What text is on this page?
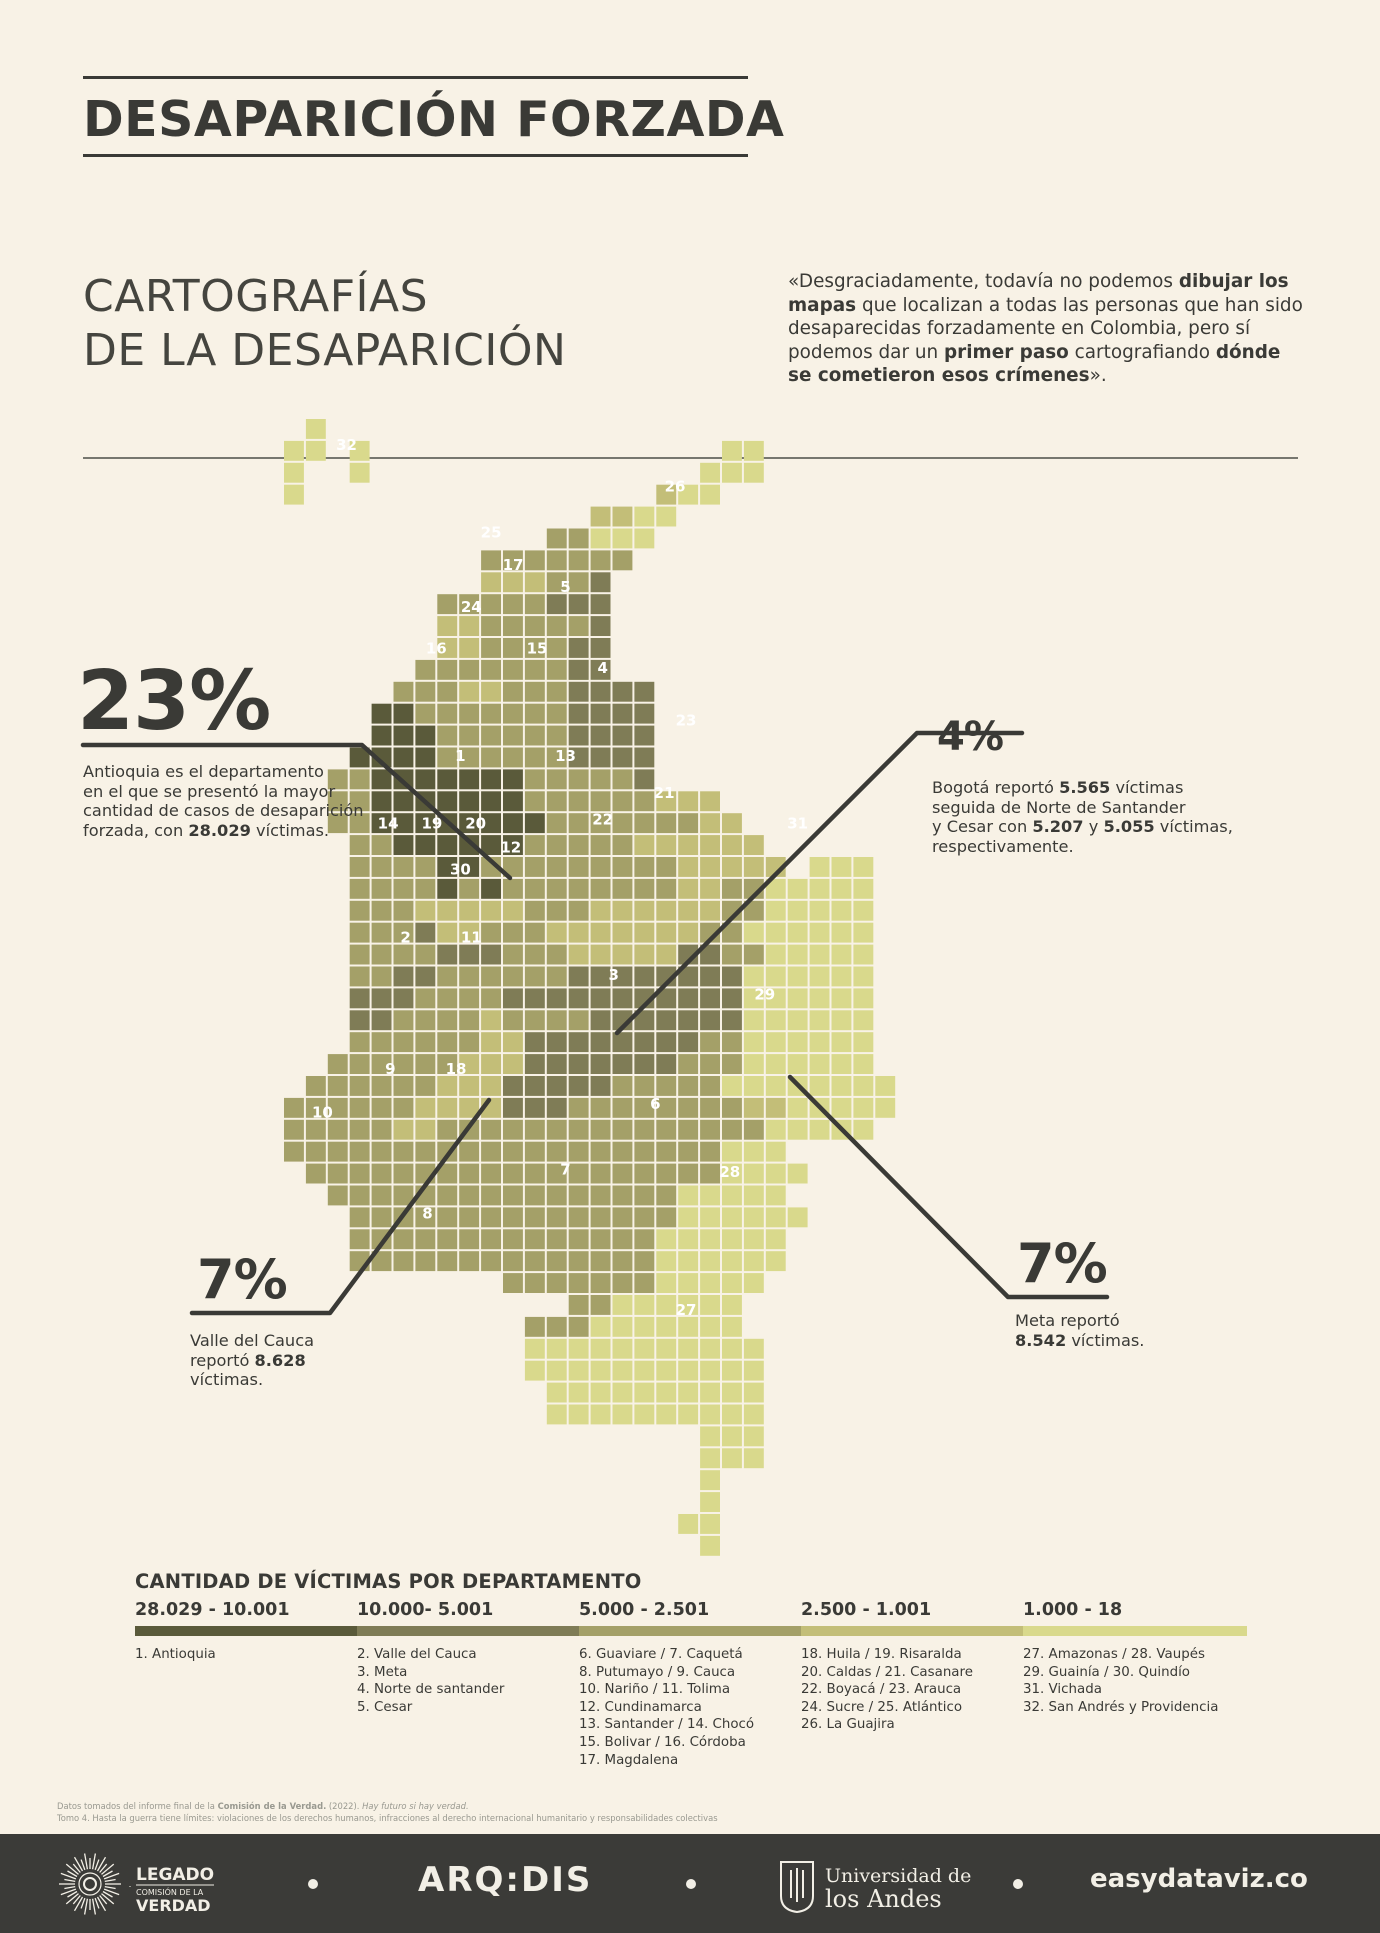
DESAPARICIÓN FORZADA
CARTOGRAFÍAS
DE LA DESAPARICIÓN
«Desgraciadamente, todavía no podemos dibujar los mapas que localizan a todas las personas que han sido desaparecidas forzadamente en Colombia, pero sí podemos dar un primer paso cartografiando dónde se cometieron esos crímenes».
1
2
3
4
5
6
7
8
9
10
11
12
13
14
15
16
17
18
19 20
21
22
23
24
25
26
27
28
29
30
31
32
23%
Antioquia es el departamento
en el que se presentó la mayor
cantidad de casos de desaparición
forzada, con 28.029 víctimas.
4%
Bogotá reportó 5.565 víctimas
seguida de Norte de Santander
y Cesar con 5.207 y 5.055 víctimas,
respectivamente.
7%
Valle del Cauca
reportó 8.628
víctimas.
7%
Meta reportó
8.542 víctimas.
CANTIDAD DE VÍCTIMAS POR DEPARTAMENTO
28.029 - 10.001
1. Antioquia
10.000- 5.001
2. Valle del Cauca
3. Meta
4. Norte de santander
5. Cesar
5.000 - 2.501
6. Guaviare / 7. Caquetá
8. Putumayo / 9. Cauca
10. Nariño / 11. Tolima
12. Cundinamarca
13. Santander / 14. Chocó
15. Bolivar / 16. Córdoba
17. Magdalena
2.500 - 1.001
18. Huila / 19. Risaralda
20. Caldas / 21. Casanare
22. Boyacá / 23. Arauca
24. Sucre / 25. Atlántico
26. La Guajira
1.000 - 18
27. Amazonas / 28. Vaupés
29. Guainía / 30. Quindío
31. Vichada
32. San Andrés y Providencia
Datos tomados del informe final de la Comisión de la Verdad. (2022). Hay futuro si hay verdad.
Tomo 4. Hasta la guerra tiene límites: violaciones de los derechos humanos, infracciones al derecho internacional humanitario y responsabilidades colectivas
LEGADO
COMISIÓN DE LA
VERDAD
ARQ:DIS	Universidad de
los Andes
easydataviz.co
